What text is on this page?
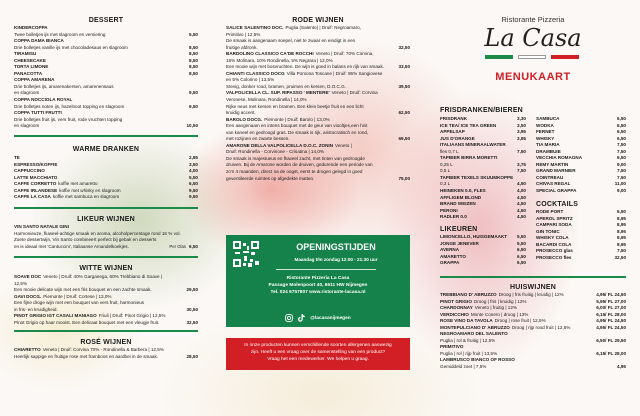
DESSERT
KINDERCOPPA
Twee bolletjes ijs met slagroom en versiering	5,50
COPPA DAMA BIANCA
Drie bolletjes vanille ijs met chocoladesaus en slagroom	8,50
TIRAMISU	8,50
CHEESECAKE	8,50
TORTA LIMONE	8,50
PANACOTTA	8,50
COPPA AMARENA
Drie bolletjes ijs, amarenakersen, amarenensaus
en slagroom	9,50
COPPA NOCCIOLA ROYAL
Drie bolletjes noten ijs, hazelnoot topping en slagroom	9,50
COPPA TUTTI FRUTTI
Drie bolletjes fruit ijs, vers fruit, rode vruchten topping
en slagroom	10,50
WARME DRANKEN
TE	2,95
ESPRESSO/KOFFIE	3,50
CAPPUCCINO	4,00
LATTE MACCHIATO	5,50
CAFFE CORRETTO koffie met amaretto	6,50
CAFFE IRLANDESE koffie met whisky en slagroom	9,50
CAFFE LA CASA koffie met sambuca en slagroom	9,50
LIKEUR WIJNEN
VIN SANTO NATALE GINI
Harmonieuze, fluweel-achtige smaak en aroma, alcoholpercentage rond 16 % vol.
Zoete dessertwijn, Vin Santo combineert perfect bij gebak en desserts
en is ideaal met 'Cantuccini', Italiaanse Amandelkoekjes.	Per Glas 6,50
WITTE WIJNEN
SOAVE DOC Veneto | Druif: 40% Garganega, 60% Trebbiano di Soave |
12,5%
Een mooie delicate wijn met een fris bouquet en een zachte smaak.	29,50
GAVI DOCG. Piemonte | Druif: Cortese | 13,0%
Een fijne droge wijn met een bouquet van vers fruit, harmonieus
in fris- en kruidigheid.	30,50
PINOT GRIGIO IGT CASALI MANIAGO Friuli | Druif: Pinot Grigio | 12,5%
Pinot Grigio op haar mooist. Een delicaat bouquet met een vleugje fruit.	32,50
ROSÉ WIJNEN
CHIARETTO Veneto | Druif: Corvina 70% - Rondinella & Barbera | 12,5%
Heerlijk sappige en fruitige rose met framboos en aardbei in de smaak.	28,50
RODE WIJNEN
SALICE SALENTINO DOC. Puglia (Salento) | Druif: Negroamaro,
Primitivo | 12,5%
De smaak is aangenaam soepel, niet te zwaar en eindigt in een
fruitige afdronk.	32,50
BARDOLINO CLASSICO CA'DE ROCCHI Veneto | Druif: 70% Corvina,
15% Molinara, 10% Rondinella, 5% Negrara | 12,0%
Een mooie wijn met bosvruchten. De wijn is goed in balans en rijk van smaak.	33,50
CHIANTI CLASSICO DOCG Villa Pomona Toscane | Druif: 95% Sangiovese
en 5% Colorino | 13,5%
Stevig, donker rood, bramen, pruimen en kersen, D.O.C.G.	39,50
VALPOLICELLA CL. SUP. RIPASSO ' MENTERE' Veneto | Druif: Corvina
Veronese, Molinara, Rondinella | 14,0%
Rijke neus met kersen en bramen. Een klein beetje fruit en een licht
kruidig accent.	62,50
BAROLO DOCG. Piemonte | Druif: Barolo | 13,0%
Een aangenaam en intens bouquet met de geur van viooltjes,een hint
van kaneel en gedroogd gras. De smaak is rijk, aristocratisch en rond,
met rozijnen en zwarte bessen.	69,50
AMARONE DELLA VALPOLICELLA D.O.C. ZONIN Veneto |
Druif: Rondinella - Corvinone - Crisatina | 14,0%
De smaak is majestueus en fluweel zacht, met tinten van gedroogde
druiven. Bij de Amarone worden de druiven, gedurende een periode van
zo'n 4 maanden, direct na de oogst, eerst te drogen gelegd in goed
geventileerde ruimtes op afgedekte matten.	75,00
OPENINGSTIJDEN
Maandag t/m zondag 12:00 - 21:30 uur
Ristorante Pizzeria La Casa
Passage Molenpoort 40, 6511 HW Nijmegen
Tel. 024 6757807 www.ristorante-lacasa.nl
@lacasanijmegen
In onze producten kunnen verschillende soorten allergenen aanwezig
zijn. Heeft u een vraag over de samenstelling van een product?
Vraag het een medewerker. We helpen u graag.
Ristorante Pizzeria
La Casa
MENUKAART
FRISDRANKEN/BIEREN
FRISDRANK	3,30
ICE TEA/ ICE TEA GREEN	3,50
APPELSAP	3,95
JUS D'ORANGE	3,95
ITALIAANS MINERAALWATER
fles 0,7 L	7,50
TAPBIER BIRRA MORETTI
0,25 L	3,75
0,5 L	7,50
TAPBIER TEXELS SKUUMKOPPE
0,3 L	4,50
HEINEKEN 0.0, FLES	4,00
AFFLIGEM BLOND	4,50
BRAND WEIZEN	4,50
PERONI	4,50
RADLER 0.0	4,50
SAMBUCA	6,50
WODKA	6,50
FERNET	6,50
WHISKY	6,50
TIA MARIA	7,50
DRAMBUIE	7,50
VECCHIA ROMAGNA	6,50
REMY MARTIN	9,00
GRAND MARNIER	7,50
COINTREAU	7,50
CHIVAS REGAL	11,00
SPECIAL GRAPPA	9,00
COCKTAILS
RODE PORT	5,50
APEROL SPRITZ	8,95
CAMPARI SODA	8,95
GIN TONIC	8,95
WHISKY COLA	8,95
BACARDI COLA	8,95
PROSECCO glas	7,50
PROSECCO fles	32,50
LIKEUREN
LIMONCELLO, HUISGEMAAKT	5,50
JONGE JENEVER	5,50
AVERNA	6,50
AMARETTO	6,50
GRAPPA	6,50
HUISWIJNEN
TREBBIANO D' ABRUZZO Droog | fris fruitig | kruidig | 12%	4,95/ FL 24,50
PINOT GRIGIO Droog | fris | kruidig | 12%	5,95/ FL 27,00
CHARDONNAY Veneto | fruitig | 12%	6,00/ FL 27,00
VERDICCHIO Monte Conero | droog | 13%	6,15/ FL 28,00
ROSE VINO DA TAVOLA Droog | rose fruit | 12,5%	4,95/ FL 24,50
MONTEPULCIANO D' ABRUZZO Droog | rijp rood fruit | 12,5%	4,95/ FL 24,50
NEGROAMARO DEL SALENTO
Puglia | rol & fruitig | 12,5%	6,50/ FL 29,50
PRIMITIVO
Puglia | rol | rijp fruit | 13,5%	6,15/ FL 28,00
LAMBRUSCO BIANCO OF ROSSO
Gemiddeld zoet | 7,5%	4,95
